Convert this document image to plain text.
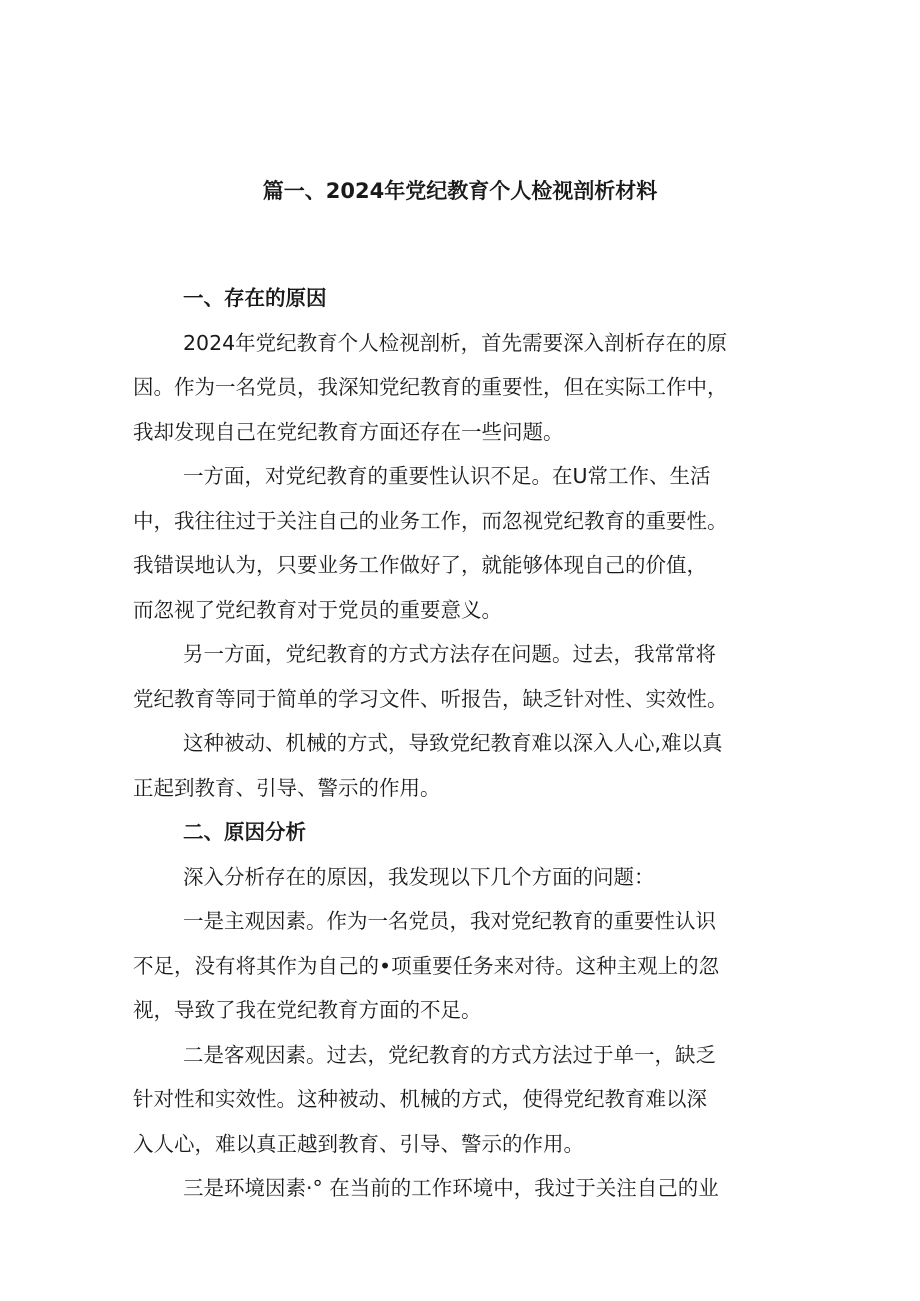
篇一、2024年党纪教育个人检视剖析材料
一、存在的原因
2024年党纪教育个人检视剖析，首先需要深入剖析存在的原
因。作为一名党员，我深知党纪教育的重要性，但在实际工作中，
我却发现自己在党纪教育方面还存在一些问题。
一方面，对党纪教育的重要性认识不足。在U常工作、生活
中，我往往过于关注自己的业务工作，而忽视党纪教育的重要性。
我错误地认为，只要业务工作做好了，就能够体现自己的价值，
而忽视了党纪教育对于党员的重要意义。
另一方面，党纪教育的方式方法存在问题。过去，我常常将
党纪教育等同于简单的学习文件、听报告，缺乏针对性、实效性。
这种被动、机械的方式，导致党纪教育难以深入人心,难以真
正起到教育、引导、警示的作用。
二、原因分析
深入分析存在的原因，我发现以下几个方面的问题：
一是主观因素。作为一名党员，我对党纪教育的重要性认识
不足，没有将其作为自己的•项重要任务来对待。这种主观上的忽
视，导致了我在党纪教育方面的不足。
二是客观因素。过去，党纪教育的方式方法过于单一，缺乏
针对性和实效性。这种被动、机械的方式，使得党纪教育难以深
入人心，难以真正越到教育、引导、警示的作用。
三是环境因素·° 在当前的工作环境中，我过于关注自己的业
